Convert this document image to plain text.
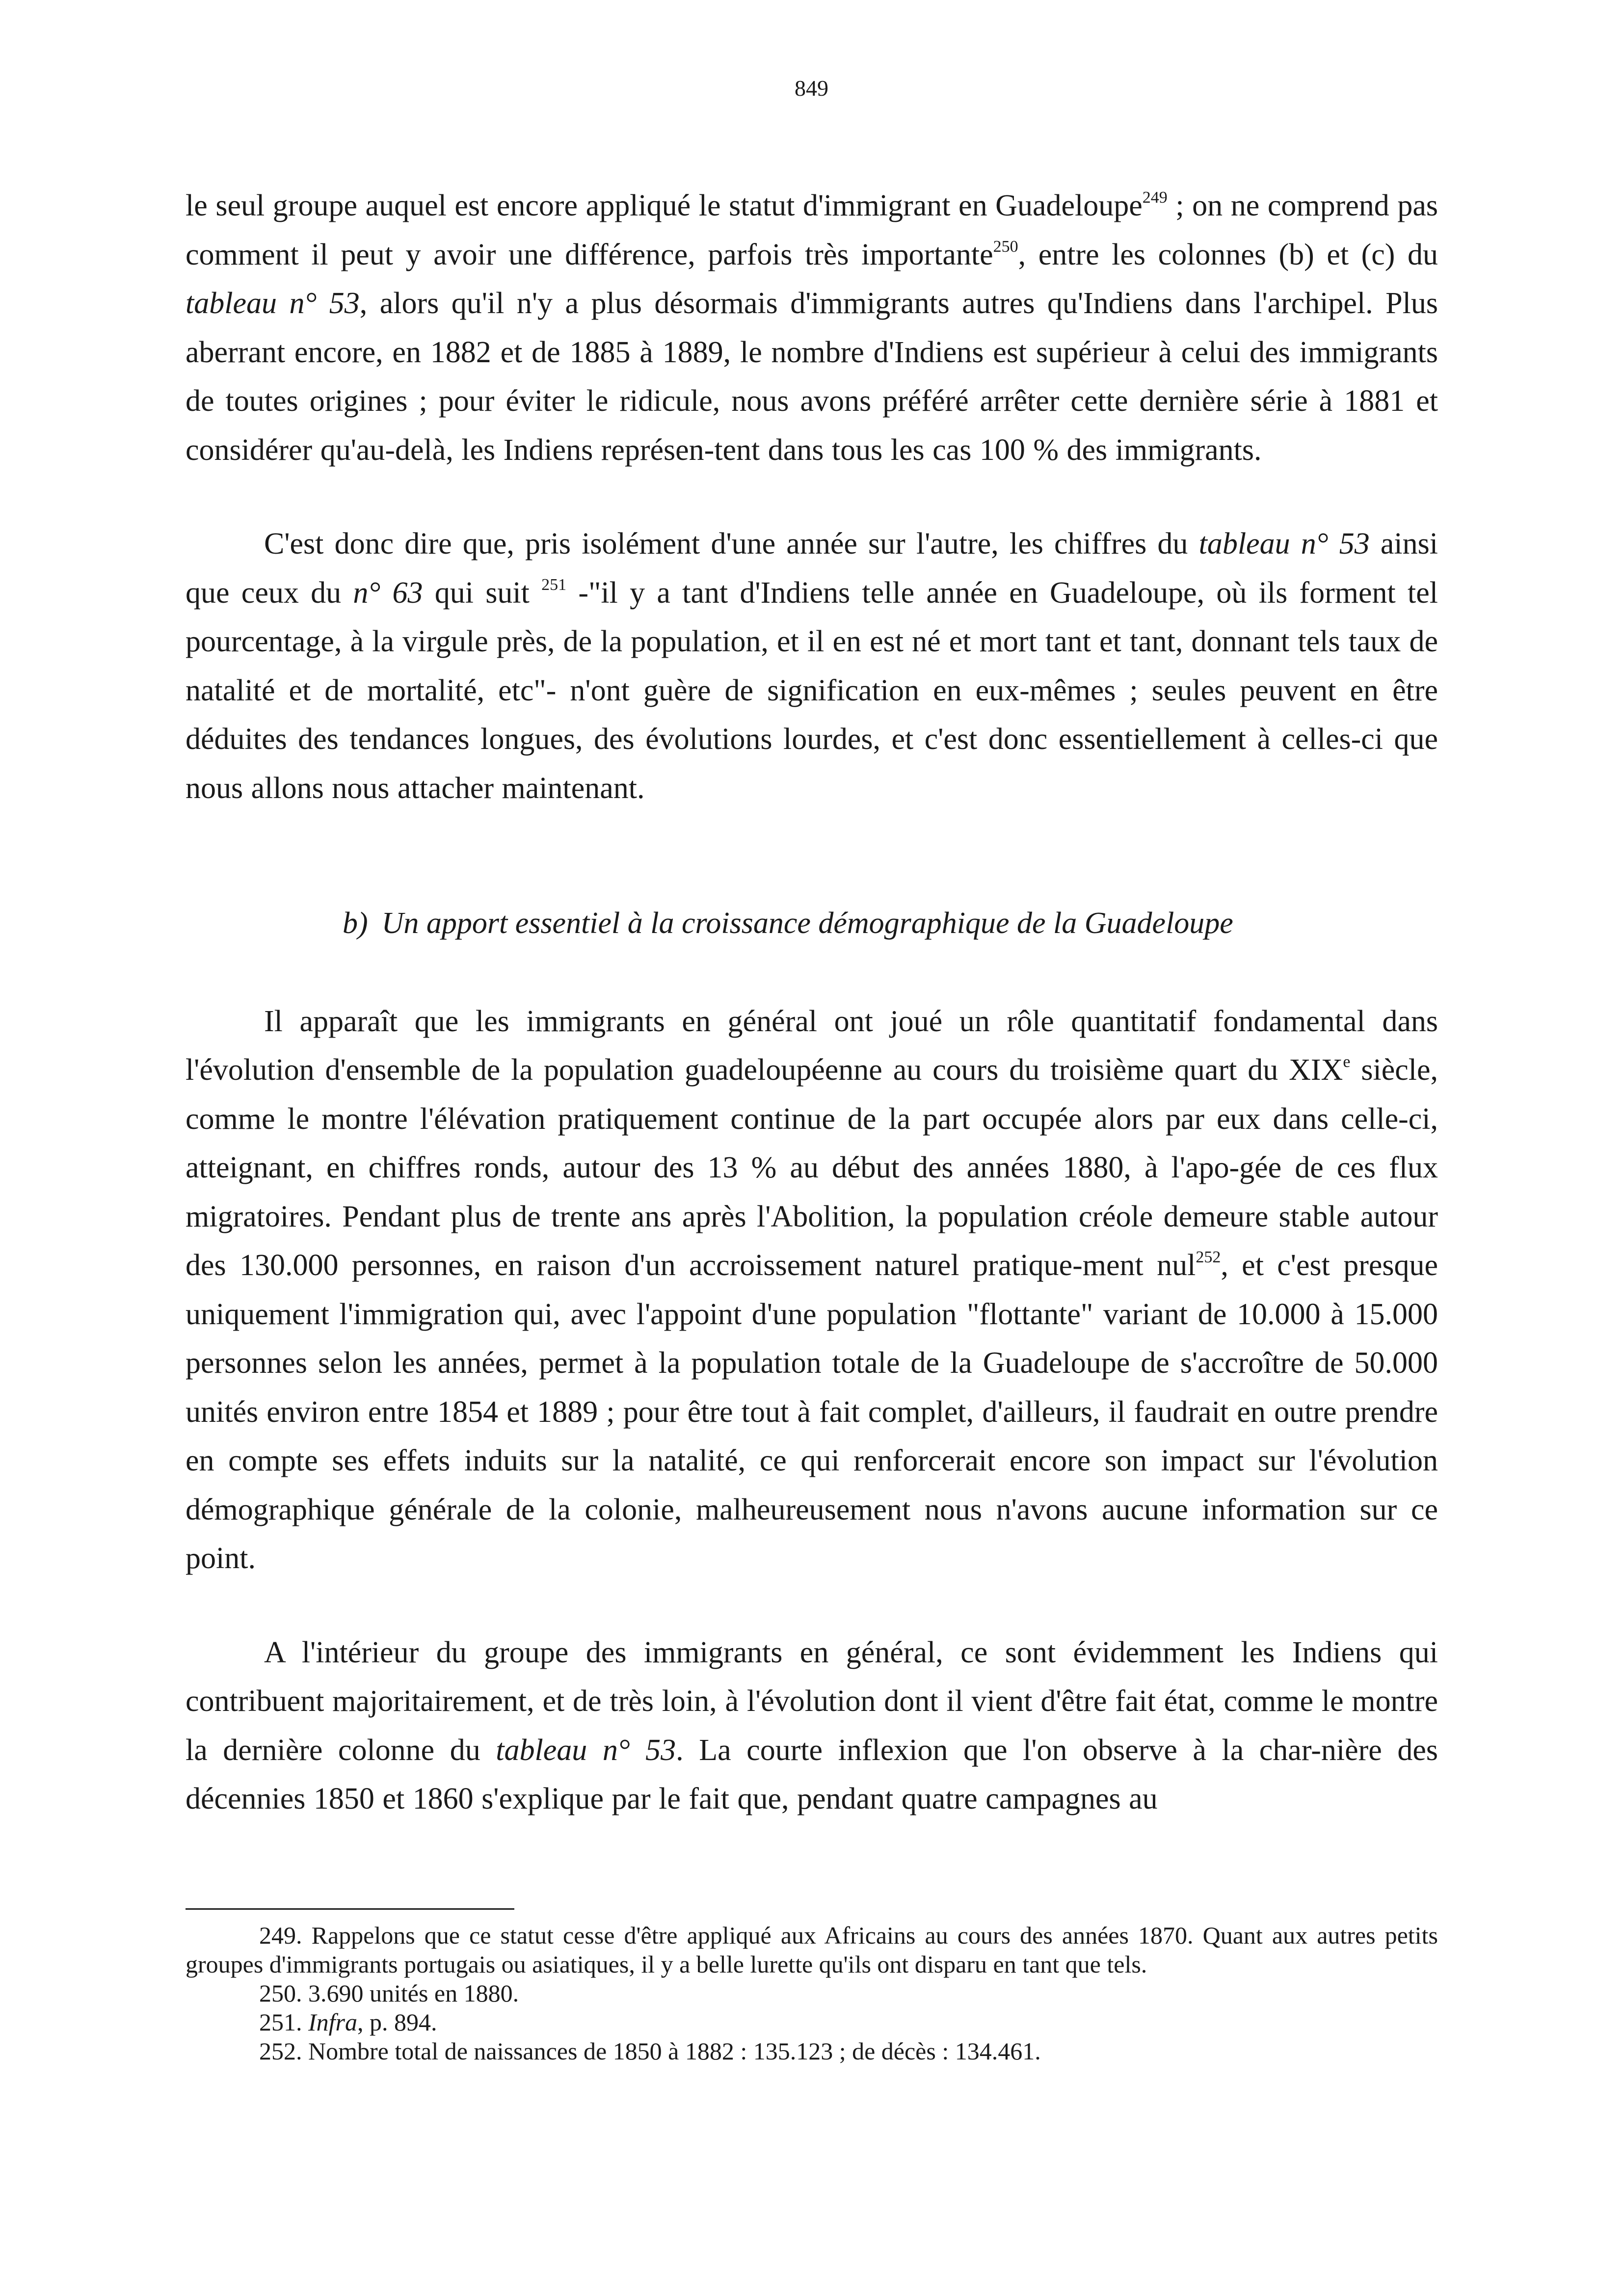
849

le seul groupe auquel est encore appliqué le statut d'immigrant en Guadeloupe$^{249}$ ; on ne comprend pas comment il peut y avoir une différence, parfois très importante$^{250}$, entre les colonnes (b) et (c) du tableau n° 53, alors qu'il n'y a plus désormais d'immigrants autres qu'Indiens dans l'archipel. Plus aberrant encore, en 1882 et de 1885 à 1889, le nombre d'Indiens est supérieur à celui des immigrants de toutes origines ; pour éviter le ridicule, nous avons préféré arrêter cette dernière série à 1881 et considérer qu'au-delà, les Indiens représen-tent dans tous les cas 100 % des immigrants.

C'est donc dire que, pris isolément d'une année sur l'autre, les chiffres du tableau n° 53 ainsi que ceux du n° 63 qui suit $^{251}$ -"il y a tant d'Indiens telle année en Guadeloupe, où ils forment tel pourcentage, à la virgule près, de la population, et il en est né et mort tant et tant, donnant tels taux de natalité et de mortalité, etc"- n'ont guère de signification en eux-mêmes ; seules peuvent en être déduites des tendances longues, des évolutions lourdes, et c'est donc essentiellement à celles-ci que nous allons nous attacher maintenant.

b) Un apport essentiel à la croissance démographique de la Guadeloupe

Il apparaît que les immigrants en général ont joué un rôle quantitatif fondamental dans l'évolution d'ensemble de la population guadeloupéenne au cours du troisième quart du XIXe siècle, comme le montre l'élévation pratiquement continue de la part occupée alors par eux dans celle-ci, atteignant, en chiffres ronds, autour des 13 % au début des années 1880, à l'apo-gée de ces flux migratoires. Pendant plus de trente ans après l'Abolition, la population créole demeure stable autour des 130.000 personnes, en raison d'un accroissement naturel pratique-ment nul$^{252}$, et c'est presque uniquement l'immigration qui, avec l'appoint d'une population "flottante" variant de 10.000 à 15.000 personnes selon les années, permet à la population totale de la Guadeloupe de s'accroître de 50.000 unités environ entre 1854 et 1889 ; pour être tout à fait complet, d'ailleurs, il faudrait en outre prendre en compte ses effets induits sur la natalité, ce qui renforcerait encore son impact sur l'évolution démographique générale de la colonie, malheureusement nous n'avons aucune information sur ce point.

A l'intérieur du groupe des immigrants en général, ce sont évidemment les Indiens qui contribuent majoritairement, et de très loin, à l'évolution dont il vient d'être fait état, comme le montre la dernière colonne du tableau n° 53. La courte inflexion que l'on observe à la char-nière des décennies 1850 et 1860 s'explique par le fait que, pendant quatre campagnes au

249. Rappelons que ce statut cesse d'être appliqué aux Africains au cours des années 1870. Quant aux autres petits groupes d'immigrants portugais ou asiatiques, il y a belle lurette qu'ils ont disparu en tant que tels.

250. 3.690 unités en 1880.

251. Infra, p. 894.

252. Nombre total de naissances de 1850 à 1882 : 135.123 ; de décès : 134.461.
